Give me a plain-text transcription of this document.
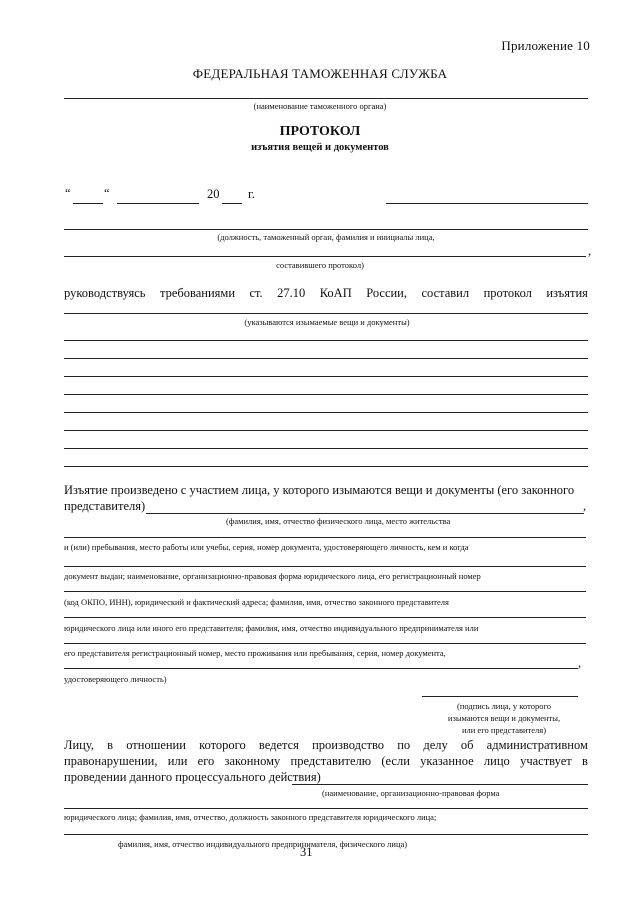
Приложение 10
ФЕДЕРАЛЬНАЯ ТАМОЖЕННАЯ СЛУЖБА
(наименование таможенного органа)
ПРОТОКОЛ
изъятия вещей и документов
“	“	20 г.
(должность, таможенный орган, фамилия и инициалы лица,
,
составившего протокол)
руководствуясь требованиями ст. 27.10 КоАП России, составил протокол изъятия
(указываются изымаемые вещи и документы)
Изъятие произведено с участием лица, у которого изымаются вещи и документы (его законного
представителя)	,
(фамилия, имя, отчество физического лица, место жительства
и (или) пребывания, место работы или учебы, серия, номер документа, удостоверяющего личность, кем и когда
документ выдан; наименование, организационно-правовая форма юридического лица, его регистрационный номер
(код ОКПО, ИНН), юридический и фактический адреса; фамилия, имя, отчество законного представителя
юридического лица или иного его представителя; фамилия, имя, отчество индивидуального предпринимателя или
его представителя регистрационный номер, место проживания или пребывания, серия, номер документа,
,
удостоверяющего личность)
(подпись лица, у которого
изымаются вещи и документы,
или его представителя)
Лицу, в отношении которого ведется производство по делу об административном
правонарушении, или его законному представителю (если указанное лицо участвует в
проведении данного процессуального действия)
(наименование, организационно-правовая форма
юридического лица; фамилия, имя, отчество, должность законного представителя юридического лица;
фамилия, имя, отчество индивидуального предпринимателя, физического лица)
31
